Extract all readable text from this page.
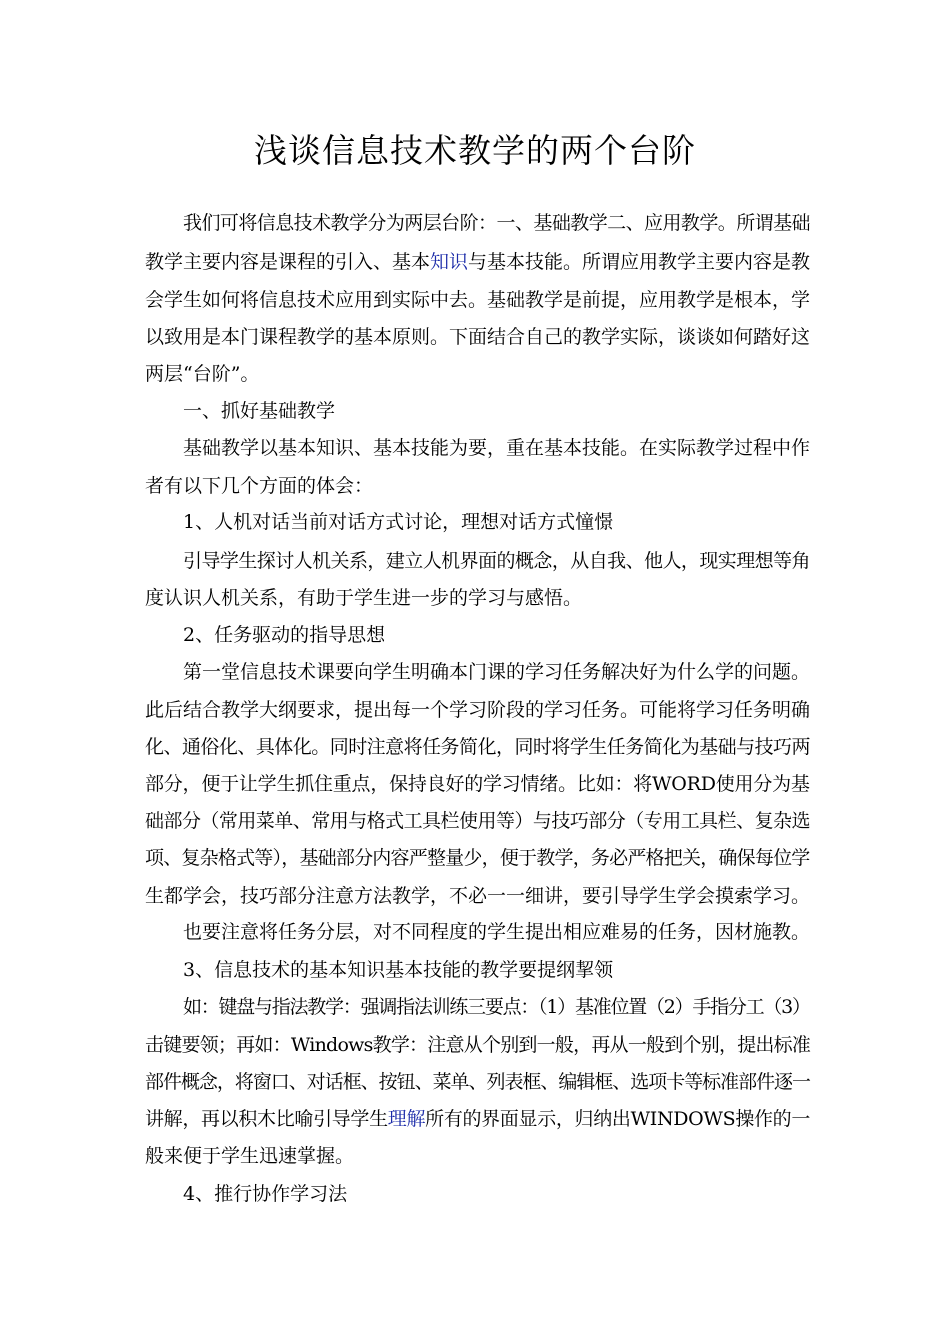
浅谈信息技术教学的两个台阶
我们可将信息技术教学分为两层台阶：一、基础教学二、应用教学。所谓基础
教学主要内容是课程的引入、基本知识与基本技能。所谓应用教学主要内容是教
会学生如何将信息技术应用到实际中去。基础教学是前提，应用教学是根本，学
以致用是本门课程教学的基本原则。下面结合自己的教学实际，谈谈如何踏好这
两层“台阶”。
一、抓好基础教学
基础教学以基本知识、基本技能为要，重在基本技能。在实际教学过程中作
者有以下几个方面的体会：
1、人机对话当前对话方式讨论，理想对话方式憧憬
引导学生探讨人机关系，建立人机界面的概念，从自我、他人，现实理想等角
度认识人机关系，有助于学生进一步的学习与感悟。
2、任务驱动的指导思想
第一堂信息技术课要向学生明确本门课的学习任务解决好为什么学的问题。
此后结合教学大纲要求，提出每一个学习阶段的学习任务。可能将学习任务明确
化、通俗化、具体化。同时注意将任务简化，同时将学生任务简化为基础与技巧两
部分，便于让学生抓住重点，保持良好的学习情绪。比如：将WORD使用分为基
础部分（常用菜单、常用与格式工具栏使用等）与技巧部分（专用工具栏、复杂选
项、复杂格式等），基础部分内容严整量少，便于教学，务必严格把关，确保每位学
生都学会，技巧部分注意方法教学，不必一一细讲，要引导学生学会摸索学习。
也要注意将任务分层，对不同程度的学生提出相应难易的任务，因材施教。
3、信息技术的基本知识基本技能的教学要提纲挈领
如：键盘与指法教学：强调指法训练三要点：（1）基准位置（2）手指分工（3）
击键要领；再如：Windows教学：注意从个别到一般，再从一般到个别，提出标准
部件概念，将窗口、对话框、按钮、菜单、列表框、编辑框、选项卡等标准部件逐一
讲解，再以积木比喻引导学生理解所有的界面显示，归纳出WINDOWS操作的一
般来便于学生迅速掌握。
4、推行协作学习法
